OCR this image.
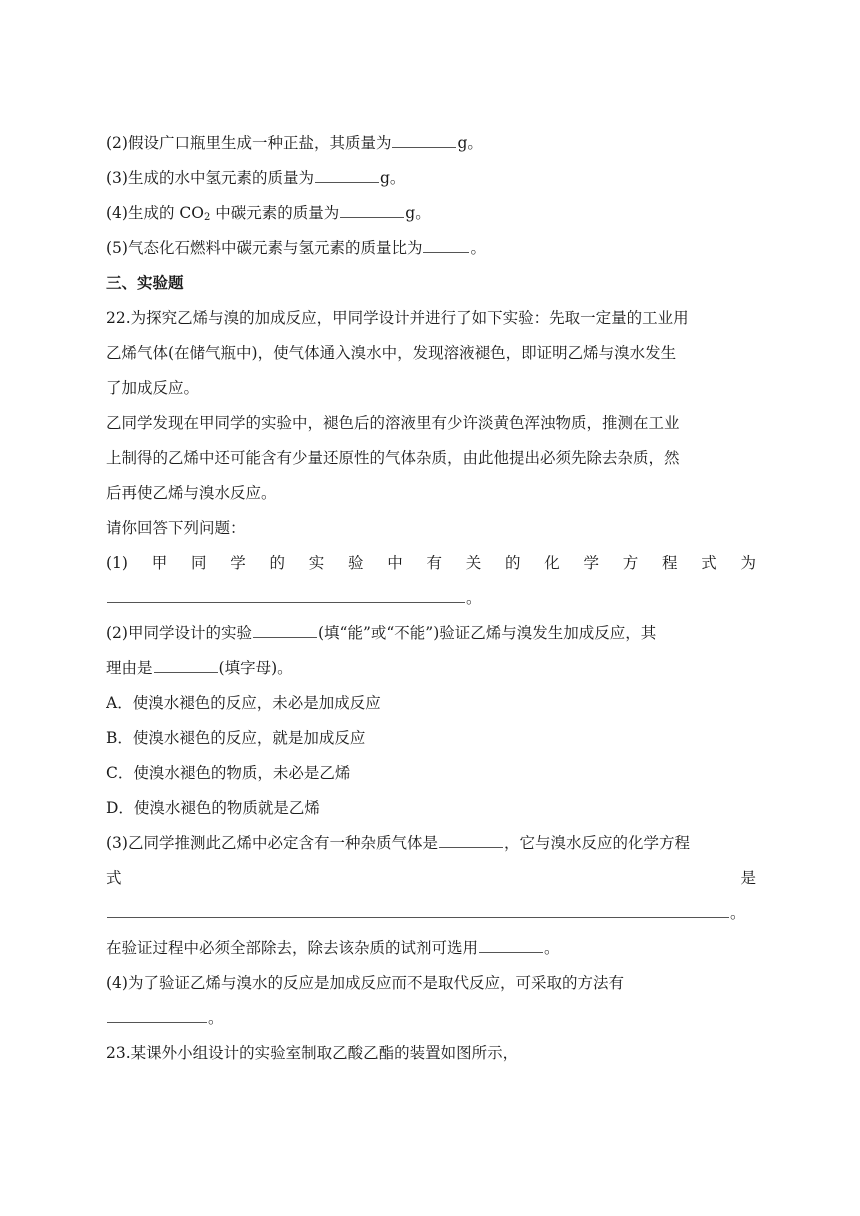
(2)假设广口瓶里生成一种正盐，其质量为	g。
(3)生成的水中氢元素的质量为	g。
(4)生成的 $CO_2$ 中碳元素的质量为	g。
(5)气态化石燃料中碳元素与氢元素的质量比为	。
三、实验题
22.为探究乙烯与溴的加成反应，甲同学设计并进行了如下实验：先取一定量的工业用
乙烯气体(在储气瓶中)，使气体通入溴水中，发现溶液褪色，即证明乙烯与溴水发生
了加成反应。
乙同学发现在甲同学的实验中，褪色后的溶液里有少许淡黄色浑浊物质，推测在工业
上制得的乙烯中还可能含有少量还原性的气体杂质，由此他提出必须先除去杂质，然
后再使乙烯与溴水反应。
请你回答下列问题：
(1) 甲 同 学 的 实 验 中 有 关 的 化 学 方 程 式 为
。
(2)甲同学设计的实验	(填“能”或“不能”)验证乙烯与溴发生加成反应，其
理由是	(填字母)。
A．使溴水褪色的反应，未必是加成反应
B．使溴水褪色的反应，就是加成反应
C．使溴水褪色的物质，未必是乙烯
D．使溴水褪色的物质就是乙烯
(3)乙同学推测此乙烯中必定含有一种杂质气体是	，它与溴水反应的化学方程
式	是
。
在验证过程中必须全部除去，除去该杂质的试剂可选用	。
(4)为了验证乙烯与溴水的反应是加成反应而不是取代反应，可采取的方法有
。
23.某课外小组设计的实验室制取乙酸乙酯的装置如图所示，
